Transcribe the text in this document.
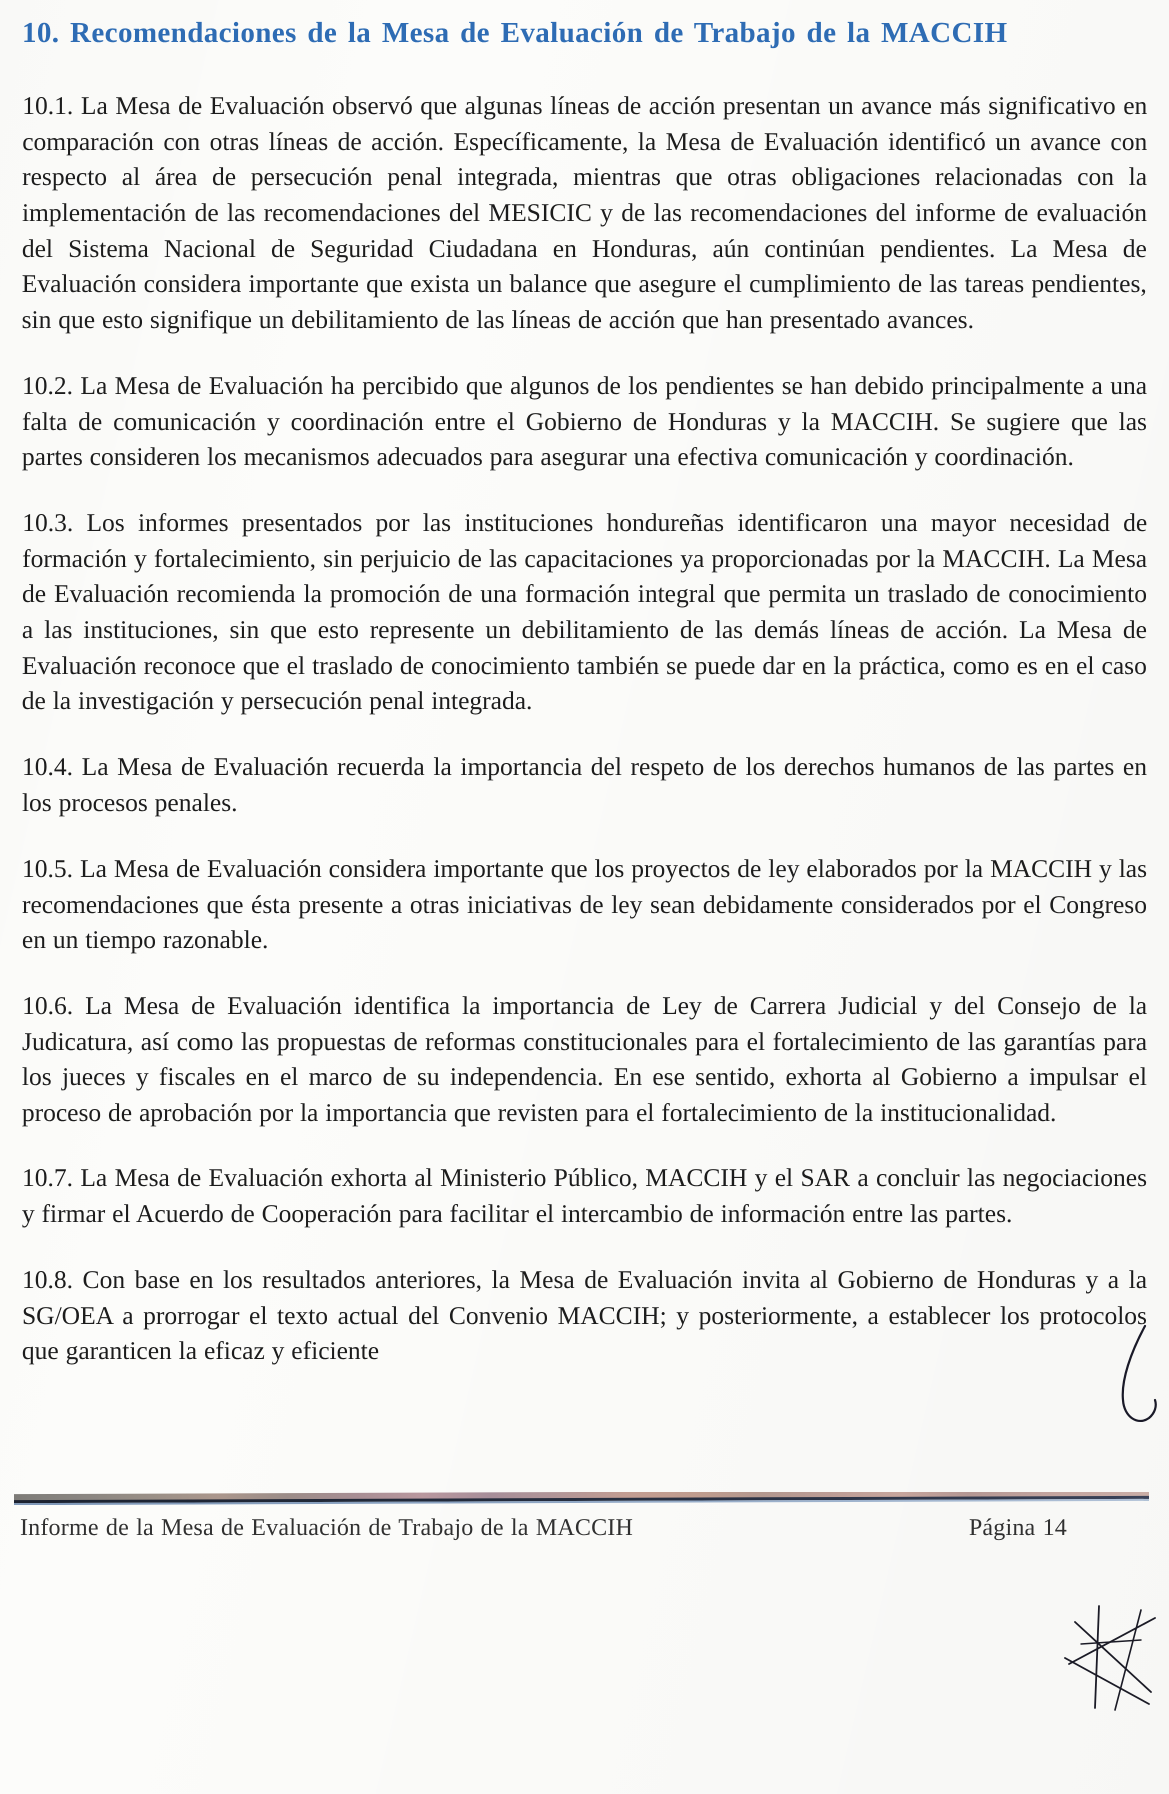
10. Recomendaciones de la Mesa de Evaluación de Trabajo de la MACCIH

10.1. La Mesa de Evaluación observó que algunas líneas de acción presentan un avance más significativo en comparación con otras líneas de acción. Específicamente, la Mesa de Evaluación identificó un avance con respecto al área de persecución penal integrada, mientras que otras obligaciones relacionadas con la implementación de las recomendaciones del MESICIC y de las recomendaciones del informe de evaluación del Sistema Nacional de Seguridad Ciudadana en Honduras, aún continúan pendientes. La Mesa de Evaluación considera importante que exista un balance que asegure el cumplimiento de las tareas pendientes, sin que esto signifique un debilitamiento de las líneas de acción que han presentado avances.

10.2. La Mesa de Evaluación ha percibido que algunos de los pendientes se han debido principalmente a una falta de comunicación y coordinación entre el Gobierno de Honduras y la MACCIH. Se sugiere que las partes consideren los mecanismos adecuados para asegurar una efectiva comunicación y coordinación.

10.3. Los informes presentados por las instituciones hondureñas identificaron una mayor necesidad de formación y fortalecimiento, sin perjuicio de las capacitaciones ya proporcionadas por la MACCIH. La Mesa de Evaluación recomienda la promoción de una formación integral que permita un traslado de conocimiento a las instituciones, sin que esto represente un debilitamiento de las demás líneas de acción. La Mesa de Evaluación reconoce que el traslado de conocimiento también se puede dar en la práctica, como es en el caso de la investigación y persecución penal integrada.

10.4. La Mesa de Evaluación recuerda la importancia del respeto de los derechos humanos de las partes en los procesos penales.

10.5. La Mesa de Evaluación considera importante que los proyectos de ley elaborados por la MACCIH y las recomendaciones que ésta presente a otras iniciativas de ley sean debidamente considerados por el Congreso en un tiempo razonable.

10.6. La Mesa de Evaluación identifica la importancia de Ley de Carrera Judicial y del Consejo de la Judicatura, así como las propuestas de reformas constitucionales para el fortalecimiento de las garantías para los jueces y fiscales en el marco de su independencia. En ese sentido, exhorta al Gobierno a impulsar el proceso de aprobación por la importancia que revisten para el fortalecimiento de la institucionalidad.

10.7. La Mesa de Evaluación exhorta al Ministerio Público, MACCIH y el SAR a concluir las negociaciones y firmar el Acuerdo de Cooperación para facilitar el intercambio de información entre las partes.

10.8. Con base en los resultados anteriores, la Mesa de Evaluación invita al Gobierno de Honduras y a la SG/OEA a prorrogar el texto actual del Convenio MACCIH; y posteriormente, a establecer los protocolos que garanticen la eficaz y eficiente

Informe de la Mesa de Evaluación de Trabajo de la MACCIH	Página 14
